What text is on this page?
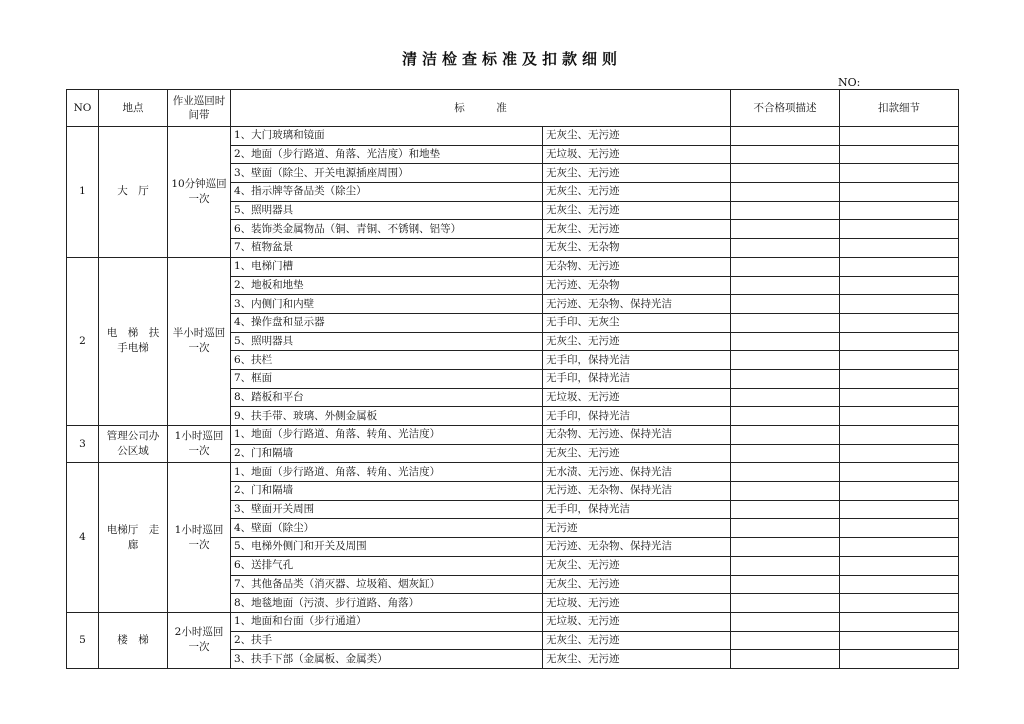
清洁检查标准及扣款细则
NO:
NO	地点	作业巡回时间带	标　　　准		不合格项描述	扣款细节
1	大　厅	10分钟巡回一次	1、大门玻璃和镜面	无灰尘、无污迹		
			2、地面（步行路道、角落、光洁度）和地垫	无垃圾、无污迹		
			3、壁面（除尘、开关电源插座周围）	无灰尘、无污迹		
			4、指示牌等备品类（除尘）	无灰尘、无污迹		
			5、照明器具	无灰尘、无污迹		
			6、装饰类金属物品（铜、青铜、不锈钢、铝等）	无灰尘、无污迹		
			7、植物盆景	无灰尘、无杂物		
2	电　梯　扶手电梯	半小时巡回一次	1、电梯门槽	无杂物、无污迹		
			2、地板和地垫	无污迹、无杂物		
			3、内侧门和内壁	无污迹、无杂物、保持光洁		
			4、操作盘和显示器	无手印、无灰尘		
			5、照明器具	无灰尘、无污迹		
			6、扶栏	无手印，保持光洁		
			7、框面	无手印，保持光洁		
			8、踏板和平台	无垃圾、无污迹		
			9、扶手带、玻璃、外侧金属板	无手印，保持光洁		
3	管理公司办公区域	1小时巡回一次	1、地面（步行路道、角落、转角、光洁度）	无杂物、无污迹、保持光洁		
			2、门和隔墙	无灰尘、无污迹		
4	电梯厅　走廊	1小时巡回一次	1、地面（步行路道、角落、转角、光洁度）	无水渍、无污迹、保持光洁		
			2、门和隔墙	无污迹、无杂物、保持光洁		
			3、壁面开关周围	无手印，保持光洁		
			4、壁面（除尘）	无污迹		
			5、电梯外侧门和开关及周围	无污迹、无杂物、保持光洁		
			6、送排气孔	无灰尘、无污迹		
			7、其他备品类（消灭器、垃圾箱、烟灰缸）	无灰尘、无污迹		
			8、地毯地面（污渍、步行道路、角落）	无垃圾、无污迹		
5	楼　梯	2小时巡回一次	1、地面和台面（步行通道）	无垃圾、无污迹		
			2、扶手	无灰尘、无污迹		
			3、扶手下部（金属板、金属类）	无灰尘、无污迹		
